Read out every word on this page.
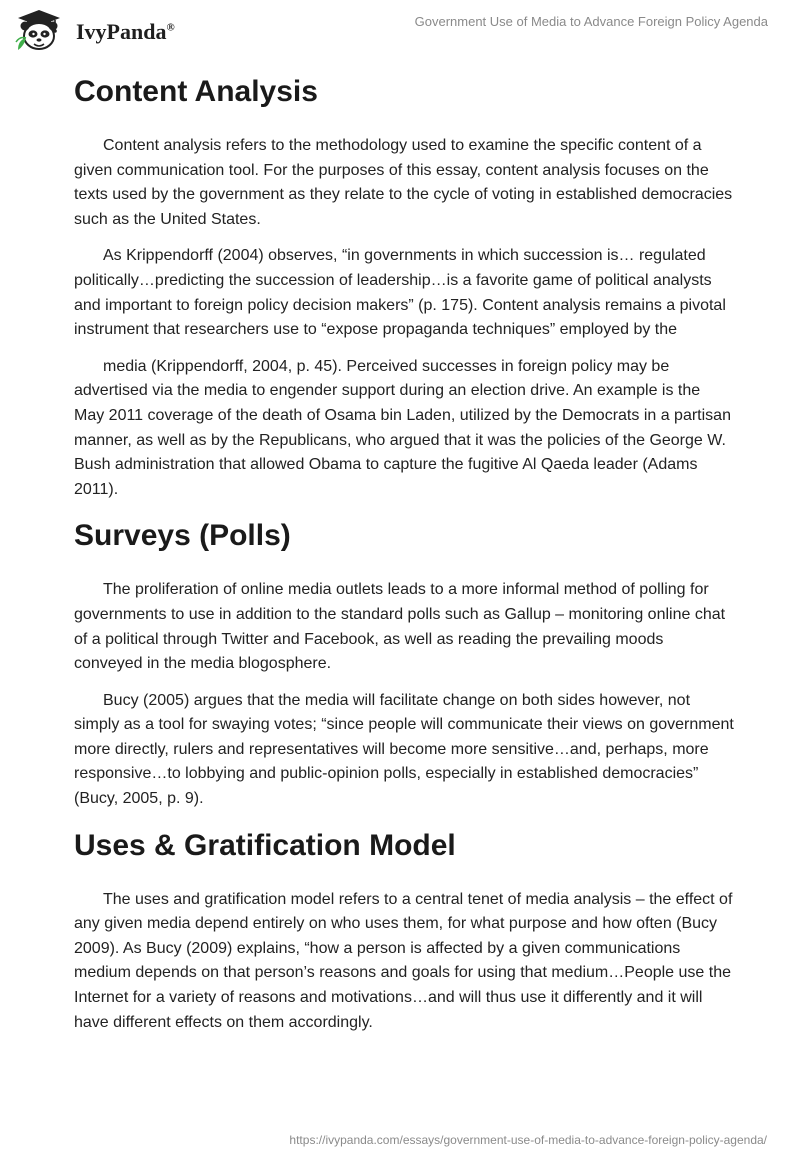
IvyPanda®	Government Use of Media to Advance Foreign Policy Agenda
Content Analysis

Content analysis refers to the methodology used to examine the specific content of a given communication tool. For the purposes of this essay, content analysis focuses on the texts used by the government as they relate to the cycle of voting in established democracies such as the United States.

As Krippendorff (2004) observes, “in governments in which succession is… regulated politically…predicting the succession of leadership…is a favorite game of political analysts and important to foreign policy decision makers” (p. 175). Content analysis remains a pivotal instrument that researchers use to “expose propaganda techniques” employed by the

media (Krippendorff, 2004, p. 45). Perceived successes in foreign policy may be advertised via the media to engender support during an election drive. An example is the May 2011 coverage of the death of Osama bin Laden, utilized by the Democrats in a partisan manner, as well as by the Republicans, who argued that it was the policies of the George W. Bush administration that allowed Obama to capture the fugitive Al Qaeda leader (Adams 2011).

Surveys (Polls)

The proliferation of online media outlets leads to a more informal method of polling for governments to use in addition to the standard polls such as Gallup – monitoring online chat of a political through Twitter and Facebook, as well as reading the prevailing moods conveyed in the media blogosphere.

Bucy (2005) argues that the media will facilitate change on both sides however, not simply as a tool for swaying votes; “since people will communicate their views on government more directly, rulers and representatives will become more sensitive…and, perhaps, more responsive…to lobbying and public-opinion polls, especially in established democracies” (Bucy, 2005, p. 9).

Uses & Gratification Model

The uses and gratification model refers to a central tenet of media analysis – the effect of any given media depend entirely on who uses them, for what purpose and how often (Bucy 2009). As Bucy (2009) explains, “how a person is affected by a given communications medium depends on that person’s reasons and goals for using that medium…People use the Internet for a variety of reasons and motivations…and will thus use it differently and it will have different effects on them accordingly.

https://ivypanda.com/essays/government-use-of-media-to-advance-foreign-policy-agenda/
